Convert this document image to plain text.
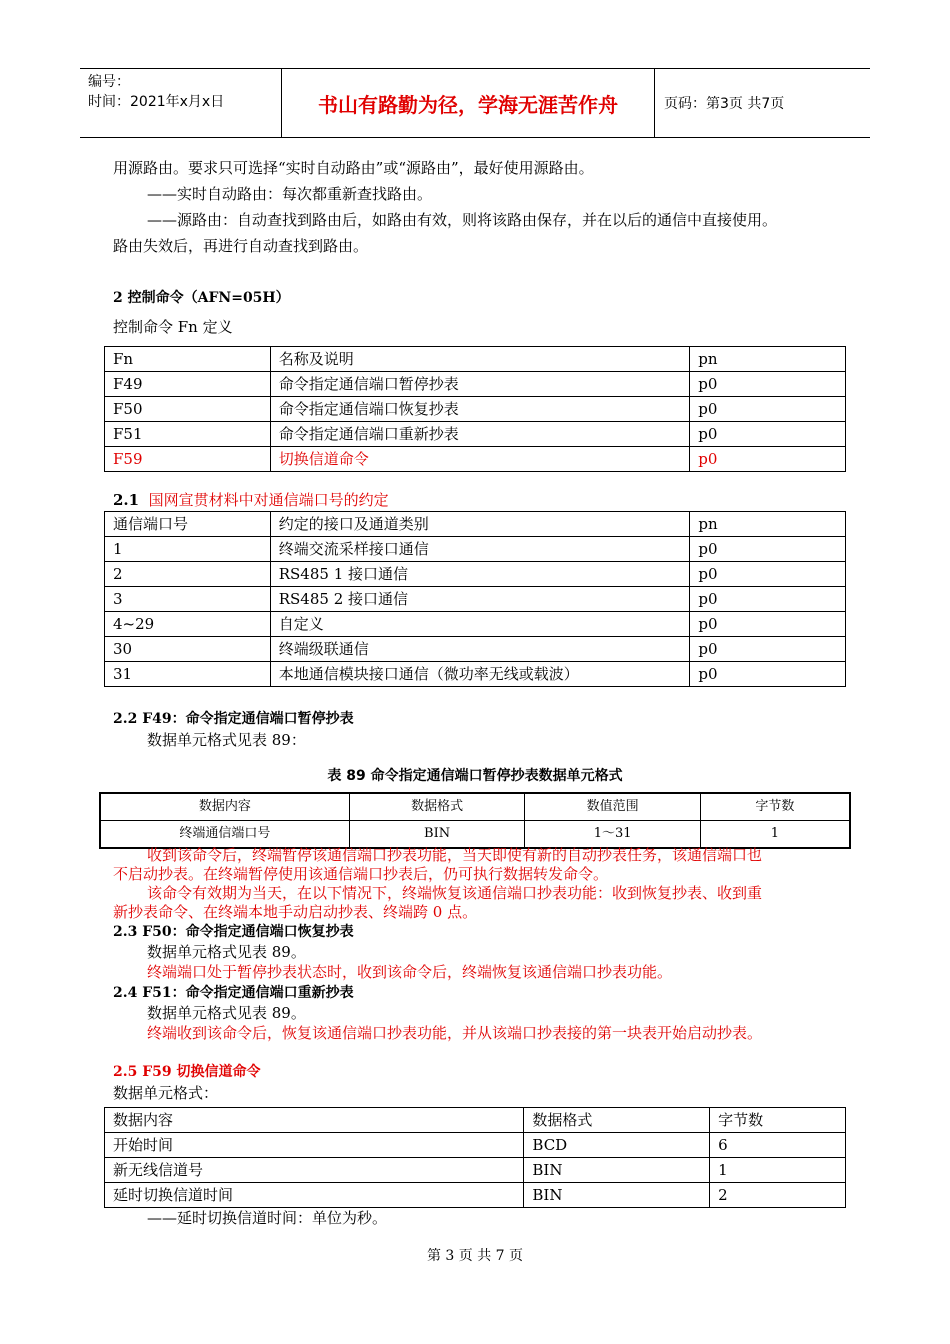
编号：
时间：2021年x月x日	书山有路勤为径，学海无涯苦作舟	页码：第3页 共7页
用源路由。要求只可选择“实时自动路由”或“源路由”，最好使用源路由。
——实时自动路由：每次都重新查找路由。
——源路由：自动查找到路由后，如路由有效，则将该路由保存，并在以后的通信中直接使用。
路由失效后，再进行自动查找到路由。
2 控制命令（AFN=05H）
控制命令 Fn 定义
Fn	名称及说明	pn
F49	命令指定通信端口暂停抄表	p0
F50	命令指定通信端口恢复抄表	p0
F51	命令指定通信端口重新抄表	p0
F59	切换信道命令	p0
2.1 国网宣贯材料中对通信端口号的约定
通信端口号	约定的接口及通道类别	pn
1	终端交流采样接口通信	p0
2	RS485 1 接口通信	p0
3	RS485 2 接口通信	p0
4~29	自定义	p0
30	终端级联通信	p0
31	本地通信模块接口通信（微功率无线或载波）	p0
2.2 F49：命令指定通信端口暂停抄表
数据单元格式见表 89：
表 89 命令指定通信端口暂停抄表数据单元格式
数据内容	数据格式	数值范围	字节数
终端通信端口号	BIN	1～31	1
收到该命令后，终端暂停该通信端口抄表功能，当天即使有新的自动抄表任务，该通信端口也
不启动抄表。在终端暂停使用该通信端口抄表后，仍可执行数据转发命令。
该命令有效期为当天，在以下情况下，终端恢复该通信端口抄表功能：收到恢复抄表、收到重
新抄表命令、在终端本地手动启动抄表、终端跨 0 点。
2.3 F50：命令指定通信端口恢复抄表
数据单元格式见表 89。
终端端口处于暂停抄表状态时，收到该命令后，终端恢复该通信端口抄表功能。
2.4 F51：命令指定通信端口重新抄表
数据单元格式见表 89。
终端收到该命令后，恢复该通信端口抄表功能，并从该端口抄表接的第一块表开始启动抄表。
2.5 F59 切换信道命令
数据单元格式：
数据内容	数据格式	字节数
开始时间	BCD	6
新无线信道号	BIN	1
延时切换信道时间	BIN	2
——延时切换信道时间：单位为秒。
第 3 页 共 7 页
